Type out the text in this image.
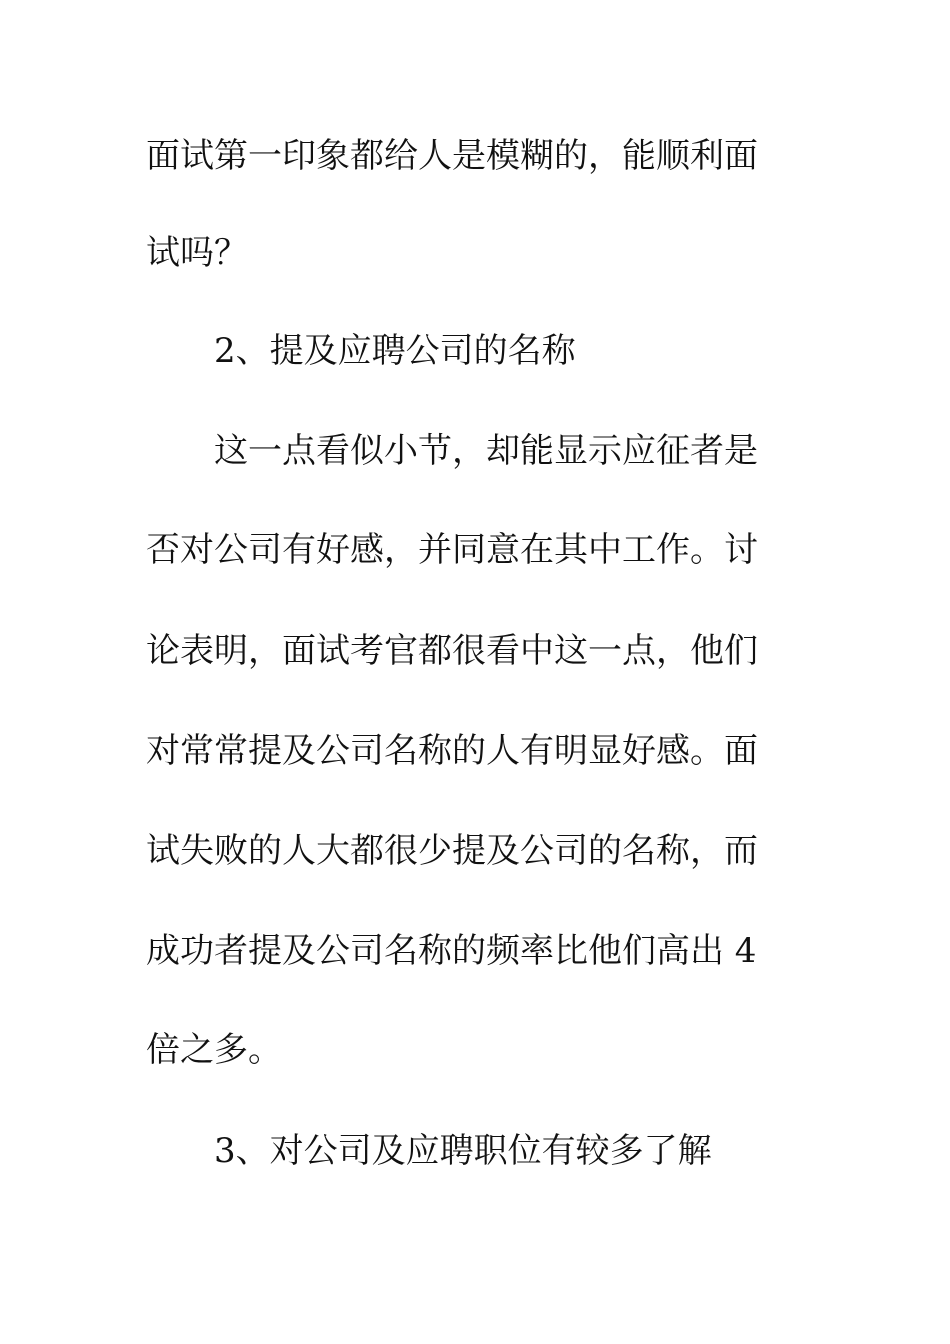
面试第一印象都给人是模糊的，能顺利面

试吗？

2、提及应聘公司的名称

这一点看似小节，却能显示应征者是

否对公司有好感，并同意在其中工作。讨

论表明，面试考官都很看中这一点，他们

对常常提及公司名称的人有明显好感。面

试失败的人大都很少提及公司的名称，而

成功者提及公司名称的频率比他们高出 4

倍之多。

3、对公司及应聘职位有较多了解
